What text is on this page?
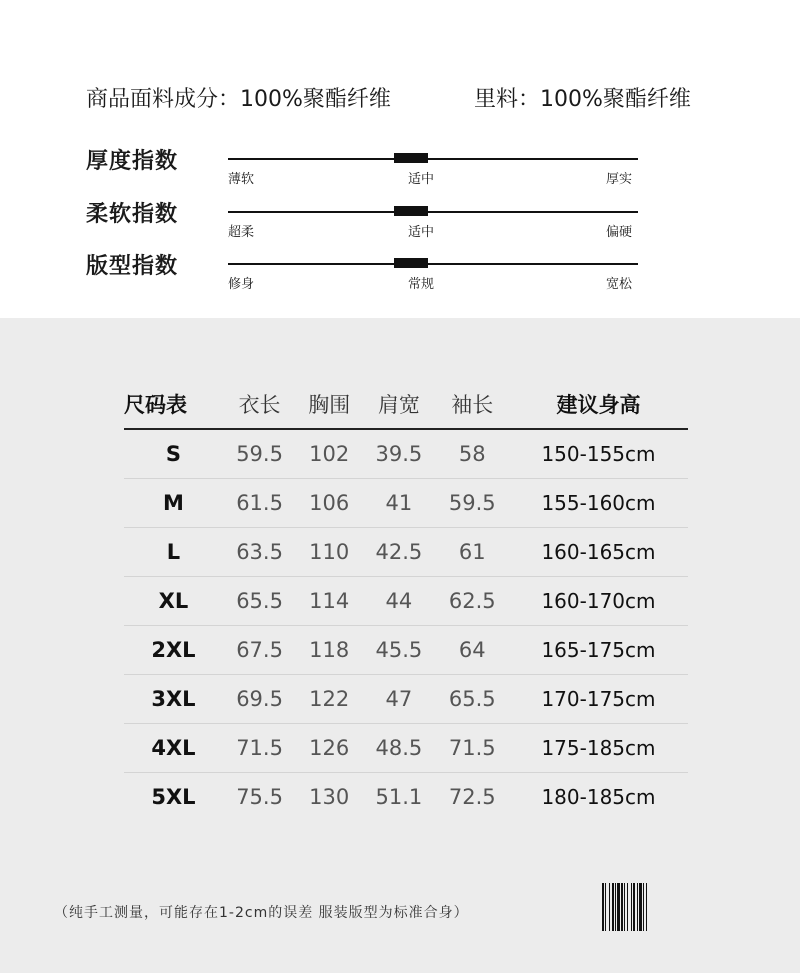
商品面料成分：100%聚酯纤维	里料：100%聚酯纤维
厚度指数
薄软	适中	厚实
柔软指数
超柔	适中	偏硬
版型指数
修身	常规	宽松
尺码表	衣长	胸围	肩宽	袖长	建议身高
S	59.5	102	39.5	58	150-155cm
M	61.5	106	41	59.5	155-160cm
L	63.5	110	42.5	61	160-165cm
XL	65.5	114	44	62.5	160-170cm
2XL	67.5	118	45.5	64	165-175cm
3XL	69.5	122	47	65.5	170-175cm
4XL	71.5	126	48.5	71.5	175-185cm
5XL	75.5	130	51.1	72.5	180-185cm
（纯手工测量，可能存在1-2cm的误差 服装版型为标准合身）
